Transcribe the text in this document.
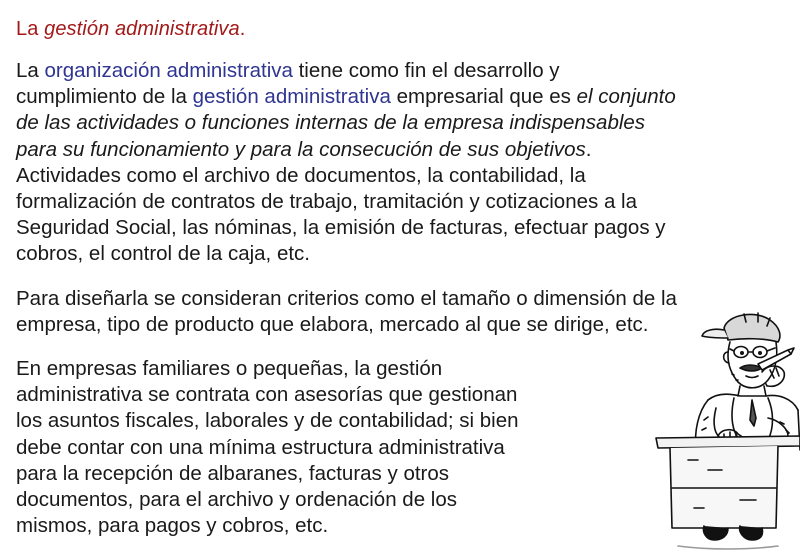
La gestión administrativa.

La organización administrativa tiene como fin el desarrollo y
cumplimiento de la gestión administrativa empresarial que es el conjunto
de las actividades o funciones internas de la empresa indispensables
para su funcionamiento y para la consecución de sus objetivos.
Actividades como el archivo de documentos, la contabilidad, la
formalización de contratos de trabajo, tramitación y cotizaciones a la
Seguridad Social, las nóminas, la emisión de facturas, efectuar pagos y
cobros, el control de la caja, etc.

Para diseñarla se consideran criterios como el tamaño o dimensión de la
empresa, tipo de producto que elabora, mercado al que se dirige, etc.

En empresas familiares o pequeñas, la gestión
administrativa se contrata con asesorías que gestionan
los asuntos fiscales, laborales y de contabilidad; si bien
debe contar con una mínima estructura administrativa
para la recepción de albaranes, facturas y otros
documentos, para el archivo y ordenación de los
mismos, para pagos y cobros, etc.
